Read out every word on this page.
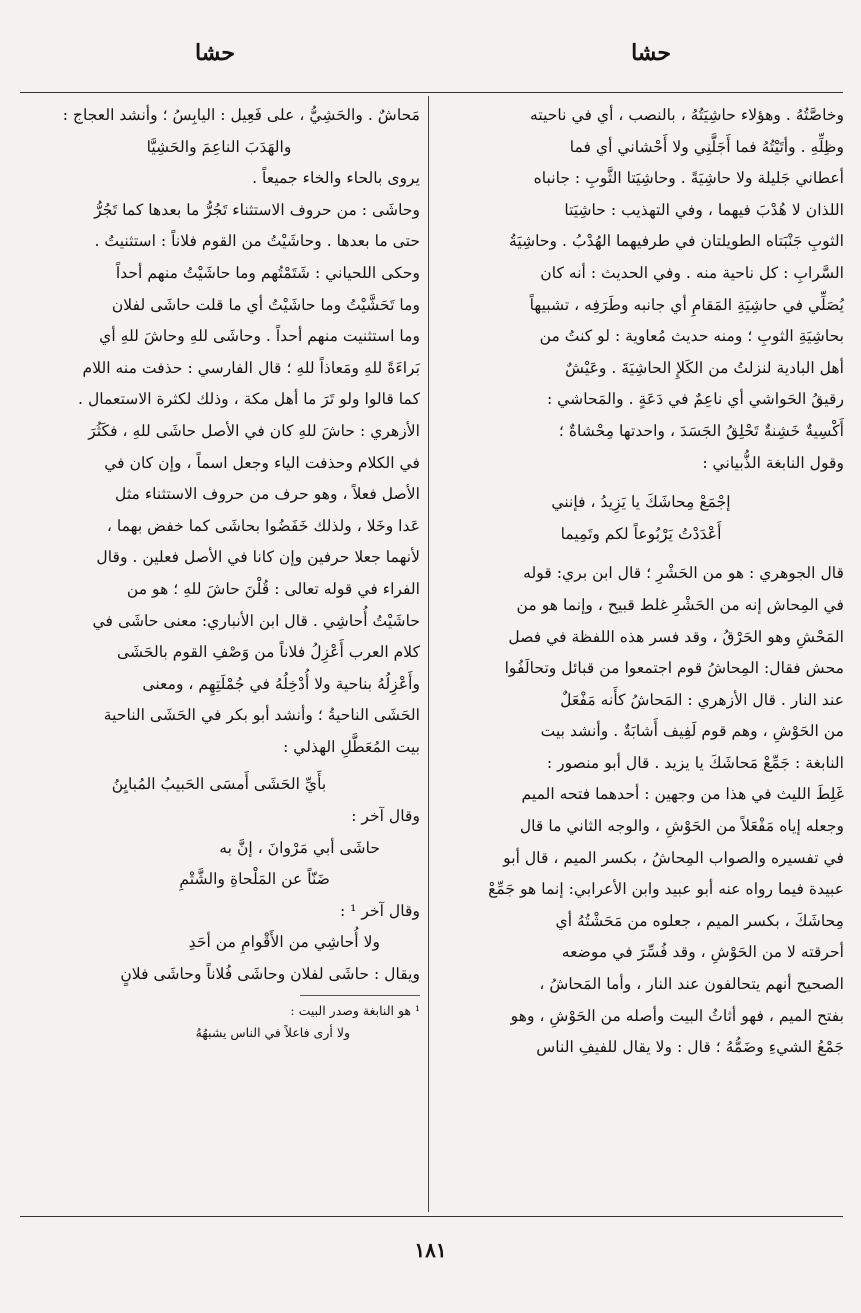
حشا
حشا

وخاصَّتُهُ . وهؤلاء حاشِيَتُهُ ، بالنصب ، أي في ناحيته

وظِلِّهِ . وأتَيْتُهُ فما أَجَلَّنِي ولا أَحْشاني أي فما

أعطاني جَليلة ولا حاشِيَةً . وحاشِيَتا الثَّوبِ : جانباه

اللذان لا هُدْبَ فيهما ، وفي التهذيب : حاشِيَتا

الثوبِ جَنْبَتاه الطويلتان في طرفيهما الهُدْبُ . وحاشِيَةُ

السَّرابِ : كل ناحية منه . وفي الحديث : أنه كان

يُصَلِّي في حاشِيَةِ المَقامِ أي جانبه وطَرَفِه ، تشبيهاً

بحاشِيَةِ الثوبِ ؛ ومنه حديث مُعاوية : لو كنتُ من

أهل البادية لنزلتُ من الكَلإِ الحاشِيَةَ . وعَيْشٌ

رقيقُ الحَواشي أي ناعِمٌ في دَعَةٍ . والمَحاشي :

أَكْسِيةٌ خَشِنةٌ تَحْلِقُ الجَسَدَ ، واحدتها مِحْشاةٌ ؛

وقول النابغة الذُّبياني :

إجْمَعْ مِحاشَكَ يا يَزِيدُ ، فإنني

أَعْدَدْتُ يَرْبُوعاً لكم وتَمِيما

قال الجوهري : هو من الحَشْرِ ؛ قال ابن بري: قوله

في المِحاش إنه من الحَشْرِ غلط قبيح ، وإنما هو من

المَحْشِ وهو الحَرْقُ ، وقد فسر هذه اللفظة في فصل

محش فقال: المِحاشُ قوم اجتمعوا من قبائل وتحالَفُوا

عند النار . قال الأزهري : المَحاشُ كأَنه مَفْعَلٌ

من الحَوْشِ ، وهم قوم لَفِيف أَشابَةٌ . وأنشد بيت

النابغة : جَمِّعْ مَحاشَكَ يا يزيد . قال أبو منصور :

غَلِطَ الليث في هذا من وجهين : أحدهما فتحه الميم

وجعله إياه مَفْعَلاً من الحَوْشِ ، والوجه الثاني ما قال

في تفسيره والصواب المِحاشُ ، بكسر الميم ، قال أبو

عبيدة فيما رواه عنه أبو عبيد وابن الأعرابي: إنما هو جَمِّعْ

مِحاشَكَ ، بكسر الميم ، جعلوه من مَحَشْتُهُ أي

أحرقته لا من الحَوْشِ ، وقد فُسِّرَ في موضعه

الصحيح أنهم يتحالفون عند النار ، وأما المَحاشُ ،

بفتح الميم ، فهو أثاثُ البيت وأصله من الحَوْشِ ، وهو

جَمْعُ الشيءِ وضَمُّهُ ؛ قال : ولا يقال للفيفِ الناس

مَحاشٌ . والحَشِيُّ ، على فَعِيل : اليابِسُ ؛ وأنشد العجاج :

والهَدَبَ الناعِمَ والحَشِيَّا

يروى بالحاء والخاء جميعاً .

وحاشَى : من حروف الاستثناء تَجُرُّ ما بعدها كما تَجُرُّ

حتى ما بعدها . وحاشَيْتُ من القوم فلاناً : استثنيتُ .

وحكى اللحياني : شَتَمْتُهم وما حاشَيْتُ منهم أحداً

وما تَحَشَّيْتُ وما حاشَيْتُ أي ما قلت حاشَى لفلان

وما استثنيت منهم أحداً . وحاشَى للهِ وحاشَ للهِ أي

بَراءَةً للهِ ومَعاذاً للهِ ؛ قال الفارسي : حذفت منه اللام

كما قالوا ولو تَرَ ما أهل مكة ، وذلك لكثرة الاستعمال .

الأزهري : حاشَ للهِ كان في الأصل حاشَى للهِ ، فكَثُرَ

في الكلام وحذفت الياء وجعل اسماً ، وإن كان في

الأصل فعلاً ، وهو حرف من حروف الاستثناء مثل

عَدا وخَلا ، ولذلك خَفَضُوا بحاشَى كما خفض بهما ،

لأنهما جعلا حرفين وإن كانا في الأصل فعلين . وقال

الفراء في قوله تعالى : قُلْنَ حاشَ للهِ ؛ هو من

حاشَيْتُ أُحاشِي . قال ابن الأنباري: معنى حاشَى في

كلام العرب أَعْزِلُ فلاناً من وَصْفِ القوم بالحَشَى

وأَعْزِلُهُ بناحية ولا أُدْخِلُهُ في جُمْلَتِهِم ، ومعنى

الحَشَى الناحيةُ ؛ وأنشد أبو بكر في الحَشَى الناحية

بيت المُعَطَّلِ الهذلي :

بأَيِّ الحَشَى أَمسَى الحَبيبُ المُبايِنُ

وقال آخر :

حاشَى أبي مَرْوانَ ، إنَّ به

ضَنّاً عن المَلْحاةِ والشَّتْمِ

وقال آخر ¹ :

ولا أُحاشِي من الأَقْوامِ من أحَدِ

ويقال : حاشَى لفلان وحاشَى فُلاناً وحاشَى فلانٍ

¹ هو النابغة وصدر البيت :

ولا أرى فاعلاً في الناس يشبهُهُ

١٨١
